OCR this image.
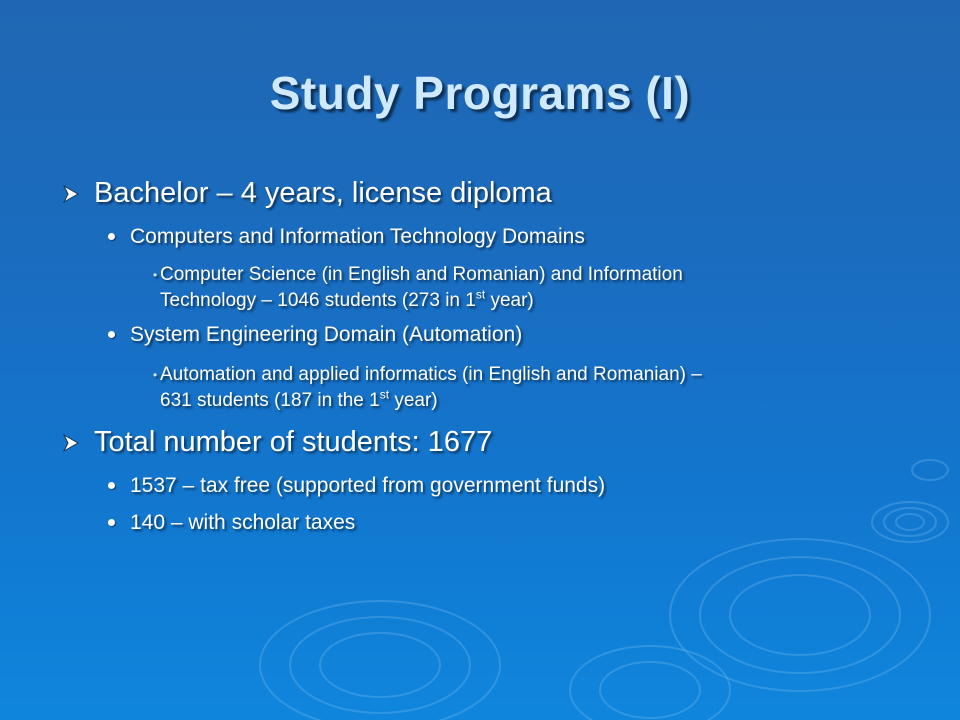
Study Programs (I)
Bachelor – 4 years, license diploma
Computers and Information Technology Domains
• Computer Science (in English and Romanian) and Information
Technology – 1046 students (273 in 1st year)
System Engineering Domain (Automation)
• Automation and applied informatics (in English and Romanian) –
631 students (187 in the 1st year)
Total number of students: 1677
1537 – tax free (supported from government funds)
140 – with scholar taxes
